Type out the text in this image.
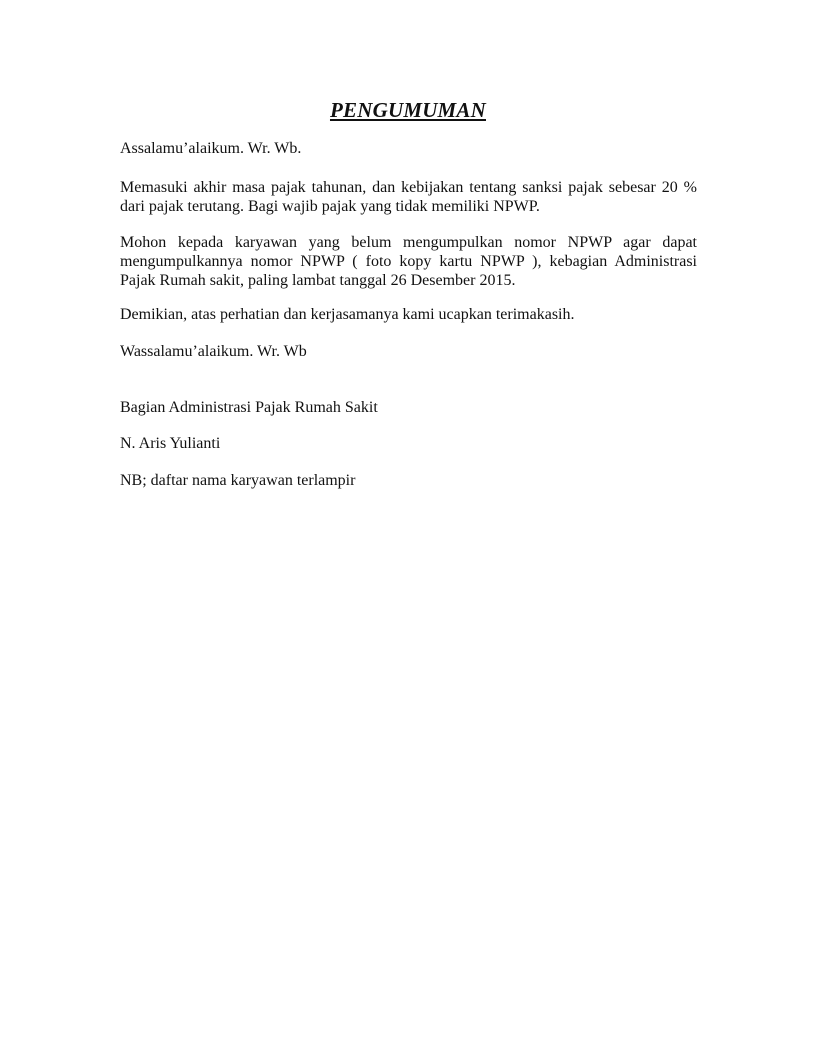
PENGUMUMAN
Assalamu’alaikum. Wr. Wb.
Memasuki akhir masa pajak tahunan, dan kebijakan tentang sanksi pajak sebesar 20 %
dari pajak terutang. Bagi wajib pajak yang tidak memiliki NPWP.
Mohon kepada karyawan yang belum mengumpulkan nomor NPWP agar dapat
mengumpulkannya nomor NPWP ( foto kopy kartu NPWP ), kebagian Administrasi
Pajak Rumah sakit, paling lambat tanggal 26 Desember 2015.
Demikian, atas perhatian dan kerjasamanya kami ucapkan terimakasih.
Wassalamu’alaikum. Wr. Wb
Bagian Administrasi Pajak Rumah Sakit
N. Aris Yulianti
NB; daftar nama karyawan terlampir
